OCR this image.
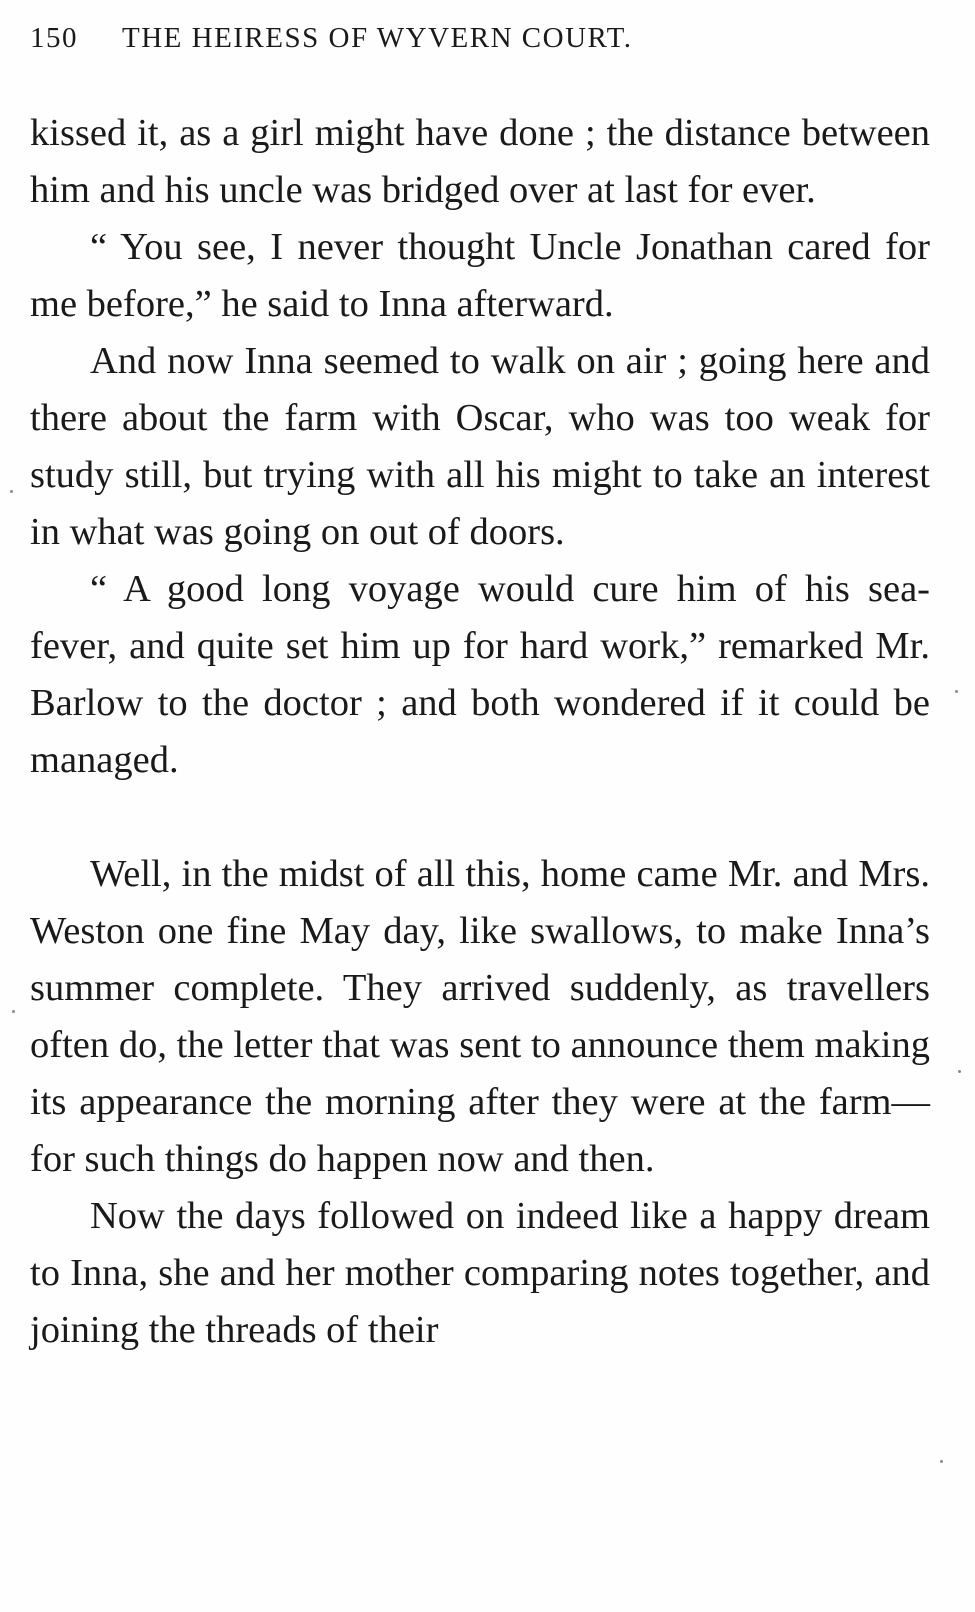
150 THE HEIRESS OF WYVERN COURT.

kissed it, as a girl might have done ; the distance between him and his uncle was bridged over at last for ever.

“ You see, I never thought Uncle Jonathan cared for me before,” he said to Inna afterward.

And now Inna seemed to walk on air ; going here and there about the farm with Oscar, who was too weak for study still, but trying with all his might to take an interest in what was going on out of doors.

“ A good long voyage would cure him of his sea-fever, and quite set him up for hard work,” remarked Mr. Barlow to the doctor ; and both wondered if it could be managed.

Well, in the midst of all this, home came Mr. and Mrs. Weston one fine May day, like swallows, to make Inna’s summer complete. They arrived suddenly, as travellers often do, the letter that was sent to announce them making its appearance the morning after they were at the farm—for such things do happen now and then.

Now the days followed on indeed like a happy dream to Inna, she and her mother comparing notes together, and joining the threads of their
